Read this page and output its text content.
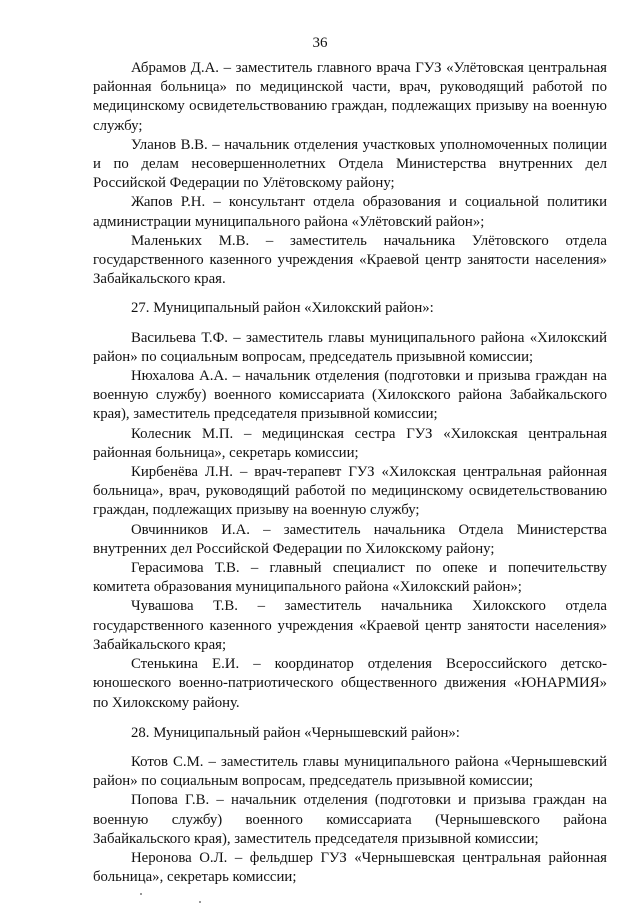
36

Абрамов Д.А. – заместитель главного врача ГУЗ «Улётовская центральная районная больница» по медицинской части, врач, руководящий работой по медицинскому освидетельствованию граждан, подлежащих призыву на военную службу;

Уланов В.В. – начальник отделения участковых уполномоченных полиции и по делам несовершеннолетних Отдела Министерства внутренних дел Российской Федерации по Улётовскому району;

Жапов Р.Н. – консультант отдела образования и социальной политики администрации муниципального района «Улётовский район»;

Маленьких М.В. – заместитель начальника Улётовского отдела государственного казенного учреждения «Краевой центр занятости населения» Забайкальского края.

27. Муниципальный район «Хилокский район»:

Васильева Т.Ф. – заместитель главы муниципального района «Хилокский район» по социальным вопросам, председатель призывной комиссии;

Нюхалова А.А. – начальник отделения (подготовки и призыва граждан на военную службу) военного комиссариата (Хилокского района Забайкальского края), заместитель председателя призывной комиссии;

Колесник М.П. – медицинская сестра ГУЗ «Хилокская центральная районная больница», секретарь комиссии;

Кирбенёва Л.Н. – врач-терапевт ГУЗ «Хилокская центральная районная больница», врач, руководящий работой по медицинскому освидетельствованию граждан, подлежащих призыву на военную службу;

Овчинников И.А. – заместитель начальника Отдела Министерства внутренних дел Российской Федерации по Хилокскому району;

Герасимова Т.В. – главный специалист по опеке и попечительству комитета образования муниципального района «Хилокский район»;

Чувашова Т.В. – заместитель начальника Хилокского отдела государственного казенного учреждения «Краевой центр занятости населения» Забайкальского края;

Стенькина Е.И. – координатор отделения Всероссийского детско-юношеского военно-патриотического общественного движения «ЮНАРМИЯ» по Хилокскому району.

28. Муниципальный район «Чернышевский район»:

Котов С.М. – заместитель главы муниципального района «Чернышевский район» по социальным вопросам, председатель призывной комиссии;

Попова Г.В. – начальник отделения (подготовки и призыва граждан на военную службу) военного комиссариата (Чернышевского района Забайкальского края), заместитель председателя призывной комиссии;

Неронова О.Л. – фельдшер ГУЗ «Чернышевская центральная районная больница», секретарь комиссии;
